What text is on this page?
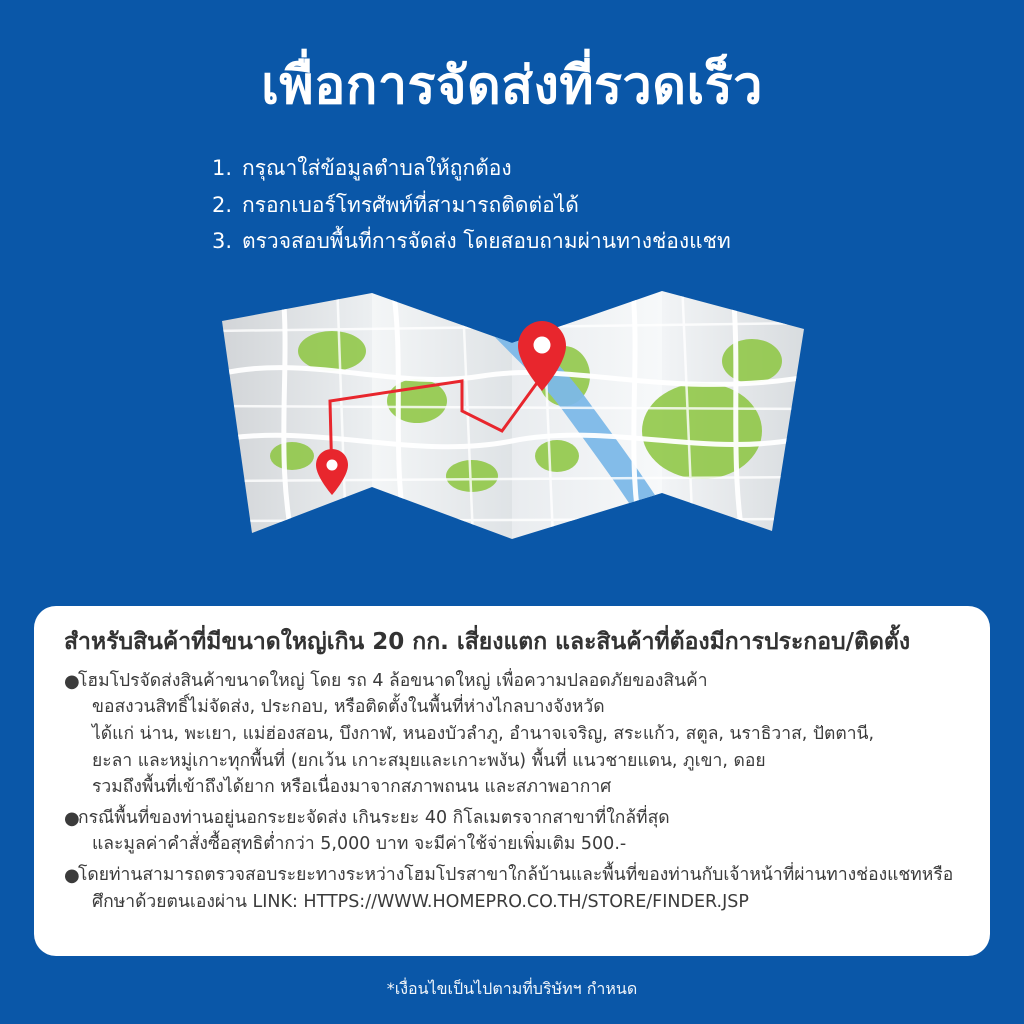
เพื่อการจัดส่งที่รวดเร็ว
1. กรุณาใส่ข้อมูลตำบลให้ถูกต้อง
2. กรอกเบอร์โทรศัพท์ที่สามารถติดต่อได้
3. ตรวจสอบพื้นที่การจัดส่ง โดยสอบถามผ่านทางช่องแชท
สำหรับสินค้าที่มีขนาดใหญ่เกิน 20 กก. เสี่ยงแตก และสินค้าที่ต้องมีการประกอบ/ติดตั้ง
●
โฮมโปรจัดส่งสินค้าขนาดใหญ่ โดย รถ 4 ล้อขนาดใหญ่ เพื่อความปลอดภัยของสินค้า
ขอสงวนสิทธิ์ไม่จัดส่ง, ประกอบ, หรือติดตั้งในพื้นที่ห่างไกลบางจังหวัด
ได้แก่ น่าน, พะเยา, แม่ฮ่องสอน, บึงกาฬ, หนองบัวลำภู, อำนาจเจริญ, สระแก้ว, สตูล, นราธิวาส, ปัตตานี,
ยะลา และหมู่เกาะทุกพื้นที่ (ยกเว้น เกาะสมุยและเกาะพงัน) พื้นที่ แนวชายแดน, ภูเขา, ดอย
รวมถึงพื้นที่เข้าถึงได้ยาก หรือเนื่องมาจากสภาพถนน และสภาพอากาศ
●
กรณีพื้นที่ของท่านอยู่นอกระยะจัดส่ง เกินระยะ 40 กิโลเมตรจากสาขาที่ใกล้ที่สุด
และมูลค่าคำสั่งซื้อสุทธิต่ำกว่า 5,000 บาท จะมีค่าใช้จ่ายเพิ่มเติม 500.-
●
โดยท่านสามารถตรวจสอบระยะทางระหว่างโฮมโปรสาขาใกล้บ้านและพื้นที่ของท่านกับเจ้าหน้าที่ผ่านทางช่องแชทหรือ
ศึกษาด้วยตนเองผ่าน LINK: HTTPS://WWW.HOMEPRO.CO.TH/STORE/FINDER.JSP
*เงื่อนไขเป็นไปตามที่บริษัทฯ กำหนด
